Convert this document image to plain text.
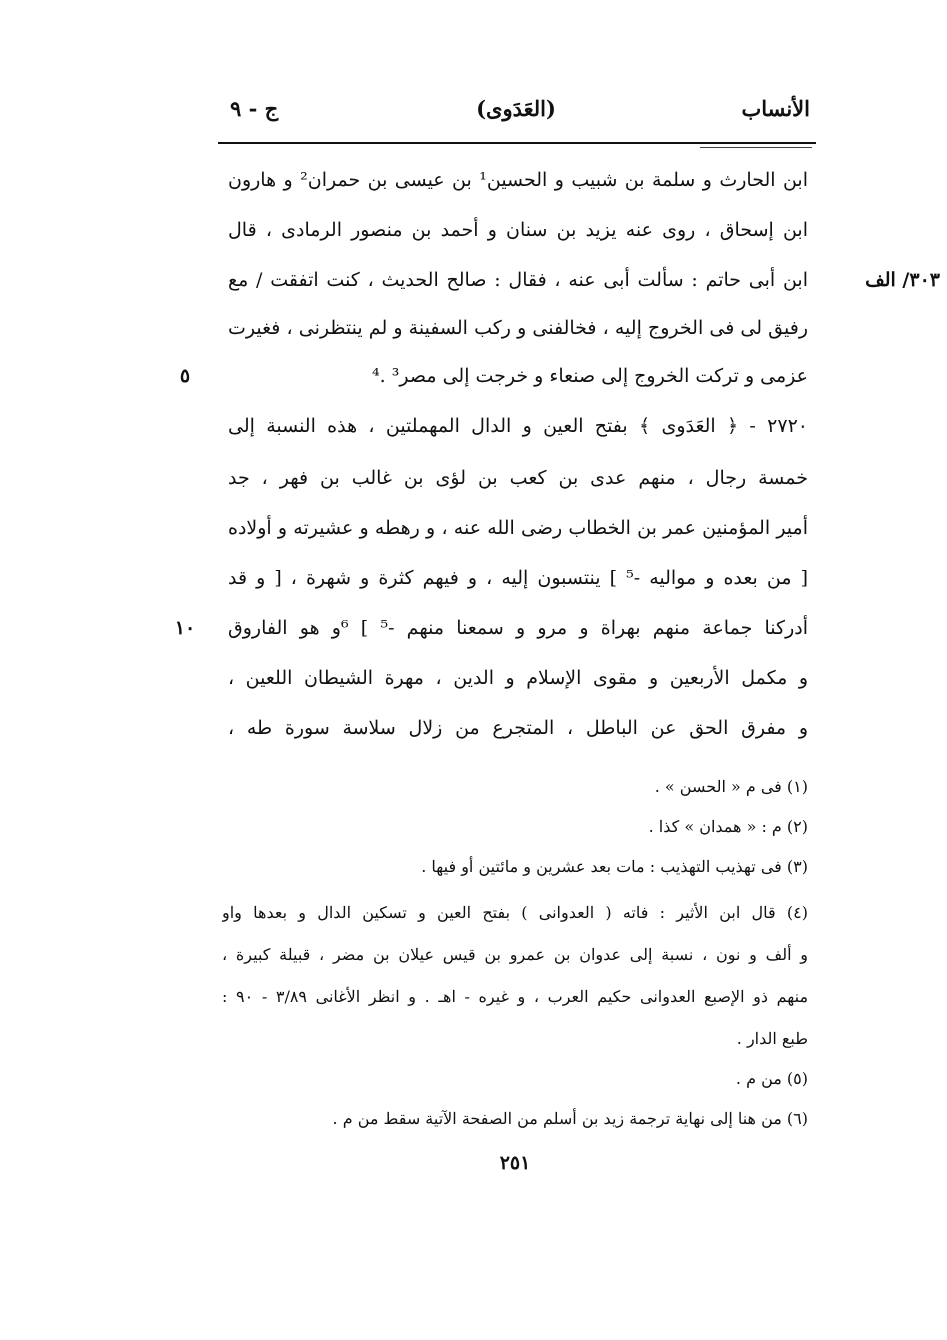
الأنساب
(العَدَوى)
ج - ٩
ابن الحارث و سلمة بن شبيب و الحسين¹ بن عيسى بن حمران² و هارون
ابن إسحاق ، روى عنه يزيد بن سنان و أحمد بن منصور الرمادى ، قال
ابن أبى حاتم : سألت أبى عنه ، فقال : صالح الحديث ، كنت اتفقت / مع
رفيق لى فى الخروج إليه ، فخالفنى و ركب السفينة و لم ينتظرنى ، فغيرت
عزمى و تركت الخروج إلى صنعاء و خرجت إلى مصر³ .⁴
٢٧٢٠ - ﴿ العَدَوى ﴾ بفتح العين و الدال المهملتين ، هذه النسبة إلى
خمسة رجال ، منهم عدى بن كعب بن لؤى بن غالب بن فهر ، جد
أمير المؤمنين عمر بن الخطاب رضى الله عنه ، و رهطه و عشيرته و أولاده
[ من بعده و مواليه -⁵ ] ينتسبون إليه ، و فيهم كثرة و شهرة ، [ و قد
أدركنا جماعة منهم بهراة و مرو و سمعنا منهم -⁵ ] ⁶و هو الفاروق
و مكمل الأربعين و مقوى الإسلام و الدين ، مهرة الشيطان اللعين ،
و مفرق الحق عن الباطل ، المتجرع من زلال سلاسة سورة طه ،
٣٠٣/ الف
٥
١٠
(١) فى م « الحسن » .
(٢) م : « همدان » كذا .
(٣) فى تهذيب التهذيب : مات بعد عشرين و مائتين أو فيها .
(٤) قال ابن الأثير : فاته ( العدوانى ) بفتح العين و تسكين الدال و بعدها واو
و ألف و نون ، نسبة إلى عدوان بن عمرو بن قيس عيلان بن مضر ، قبيلة كبيرة ،
منهم ذو الإصبع العدوانى حكيم العرب ، و غيره - اهـ . و انظر الأغانى ٣/٨٩ - ٩٠ :
طبع الدار .
(٥) من م .
(٦) من هنا إلى نهاية ترجمة زيد بن أسلم من الصفحة الآتية سقط من م .
٢٥١
